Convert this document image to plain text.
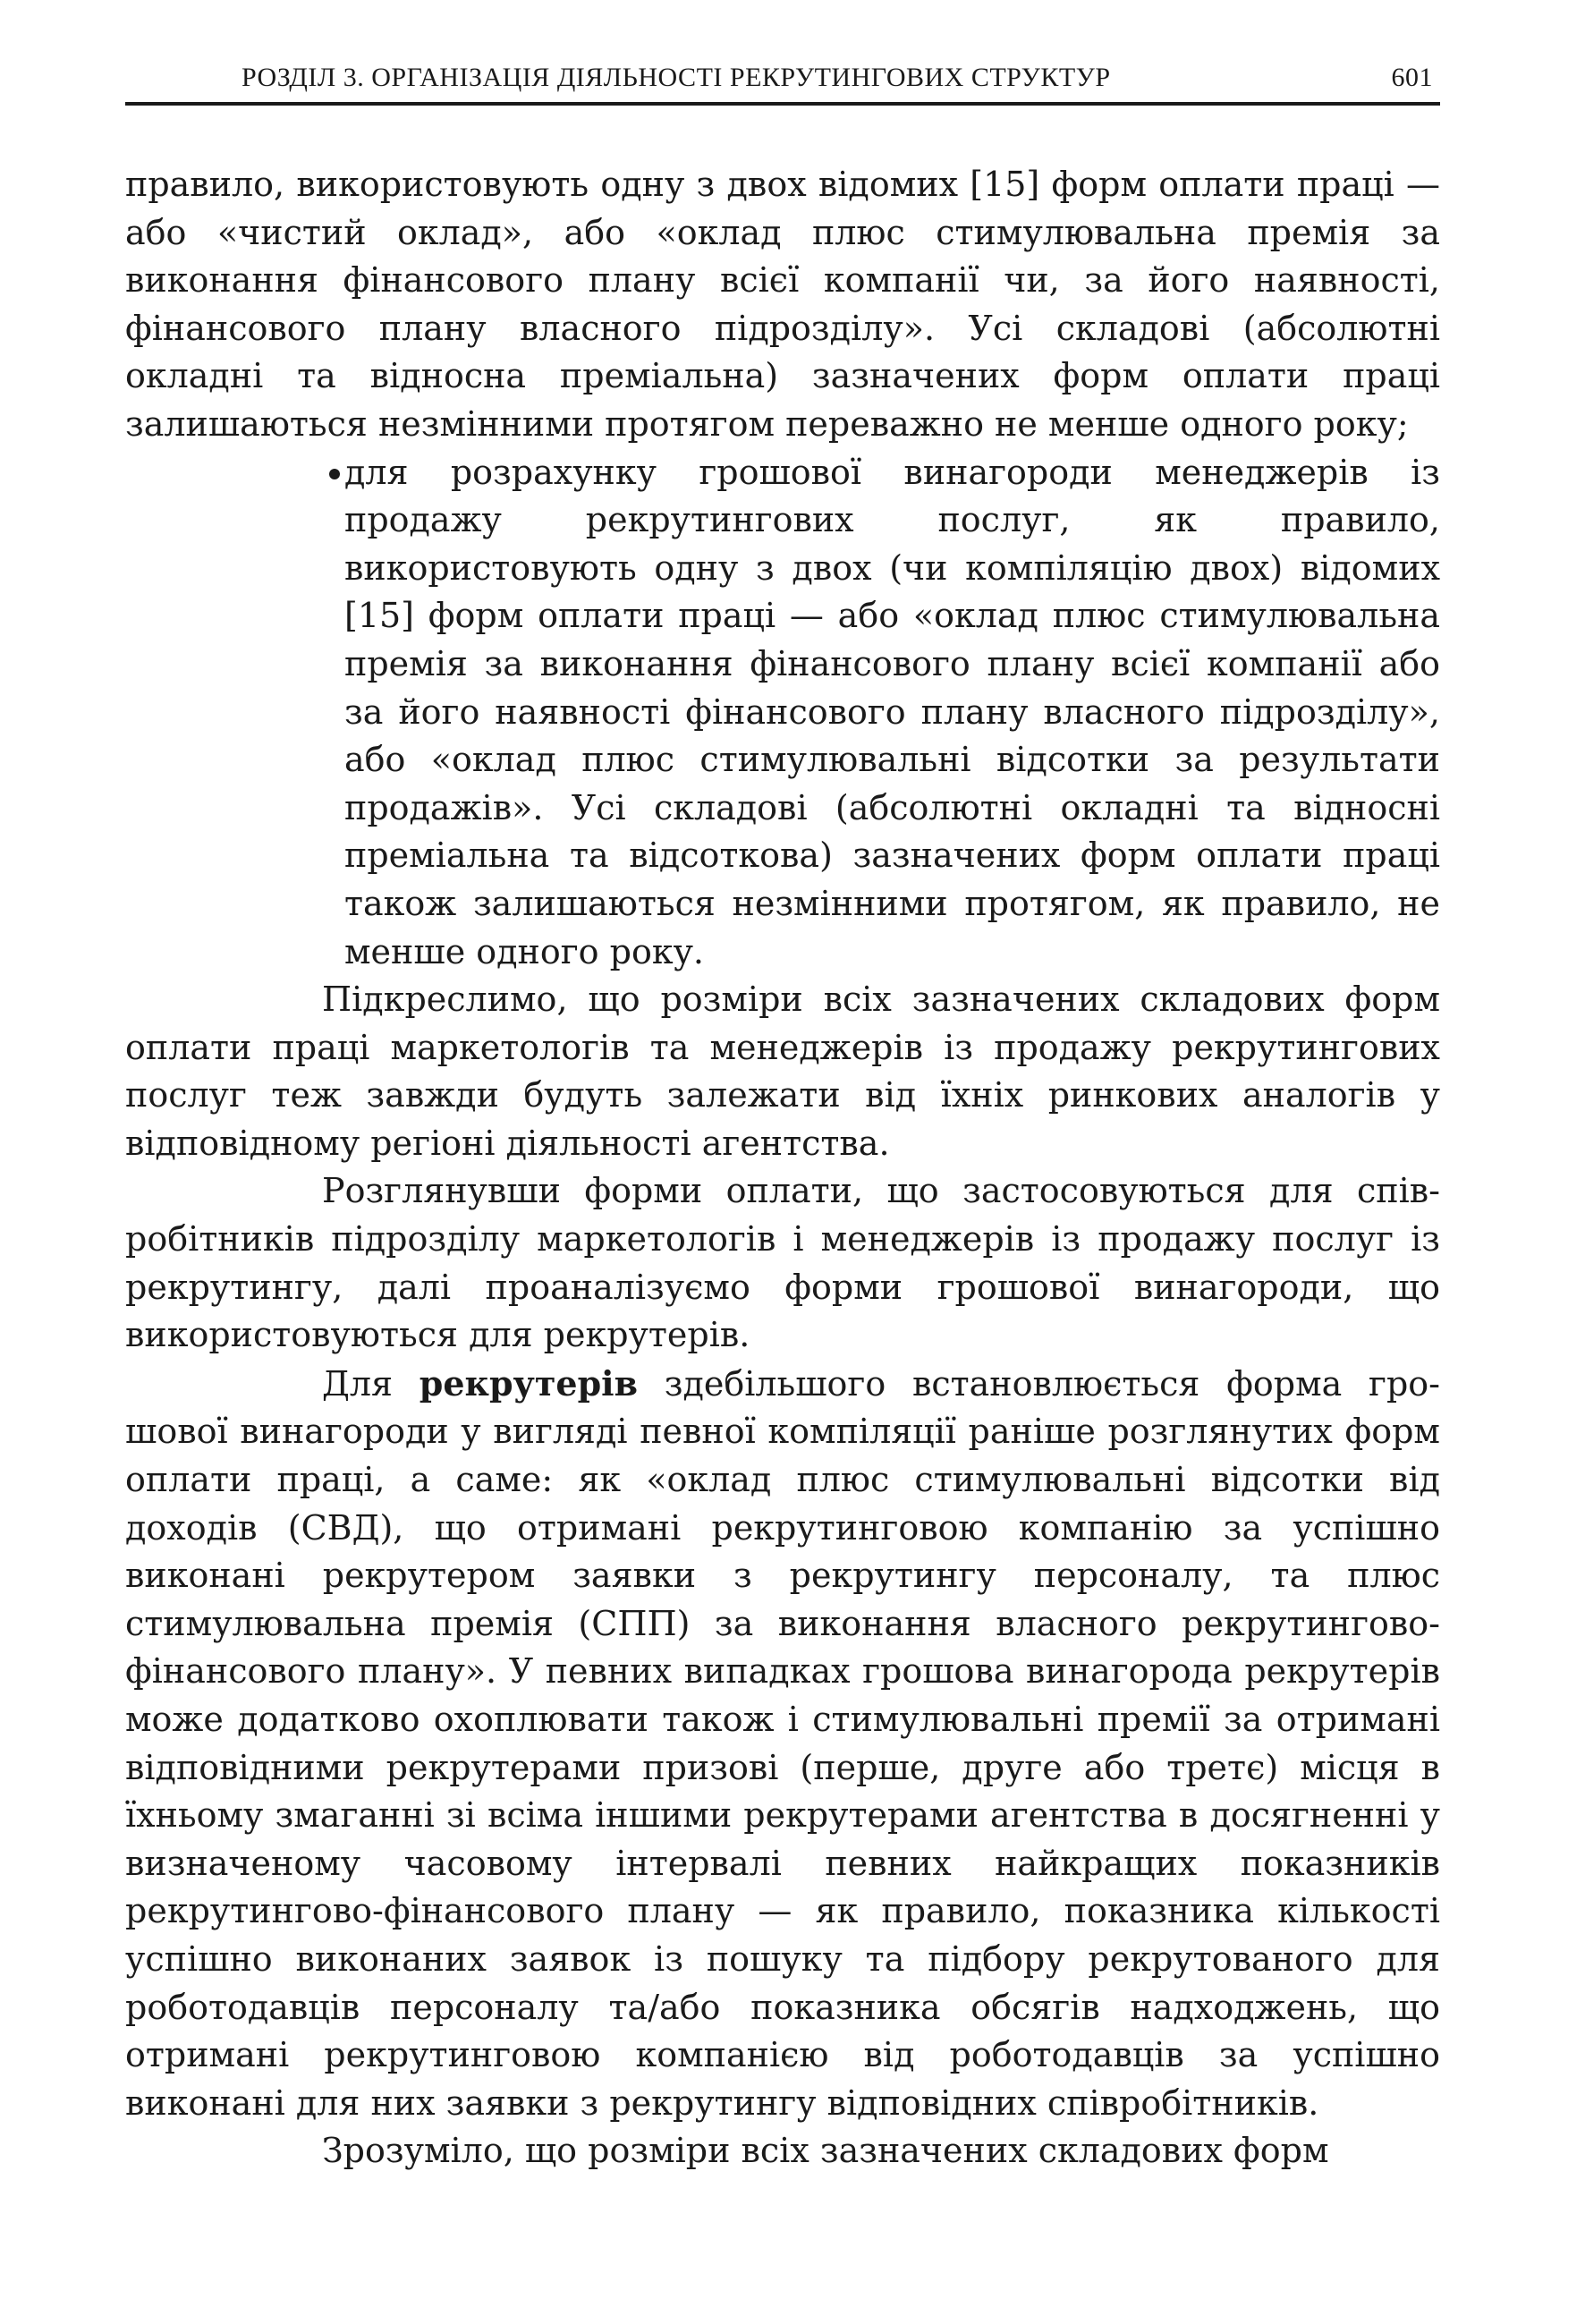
РОЗДІЛ 3. ОРГАНІЗАЦІЯ ДІЯЛЬНОСТІ РЕКРУТИНГОВИХ СТРУКТУР	601

правило, використовують одну з двох відомих [15] форм оплати праці — або «чистий оклад», або «оклад плюс стимулювальна премія за виконання фінансового плану всієї компанії чи, за його наявності, фінансового плану власного підрозділу». Усі складові (абсолютні окладні та відносна преміальна) зазначених форм оплати праці залишаються незмінними протягом переважно не менше одного року;

для розрахунку грошової винагороди менеджерів із продажу рекрутингових послуг, як правило, використовують одну з двох (чи компіляцію двох) відомих [15] форм оплати праці — або «оклад плюс стимулювальна премія за виконання фінансового плану всієї компанії або за його наявності фінансового плану власного підрозділу», або «оклад плюс стимулювальні відсотки за результати продажів». Усі складові (абсолютні окладні та відносні преміальна та відсоткова) зазначених форм оплати праці також залишаються незмінними протягом, як правило, не менше одного року.

Підкреслимо, що розміри всіх зазначених складових форм оплати праці маркетологів та менеджерів із продажу рекрутингових послуг теж завжди будуть залежати від їхніх ринкових аналогів у відповідному регіоні діяльності агентства.

Розглянувши форми оплати, що застосовуються для співробітників підрозділу маркетологів і менеджерів із продажу послуг із рекрутингу, далі проаналізуємо форми грошової винагороди, що використовуються для рекрутерів.

Для рекрутерів здебільшого встановлюється форма грошової винагороди у вигляді певної компіляції раніше розглянутих форм оплати праці, а саме: як «оклад плюс стимулювальні відсотки від доходів (СВД), що отримані рекрутинговою компанію за успішно виконані рекрутером заявки з рекрутингу персоналу, та плюс стимулювальна премія (СПП) за виконання власного рекрутингово-фінансового плану». У певних випадках грошова винагорода рекрутерів може додатково охоплювати також і стимулювальні премії за отримані відповідними рекрутерами призові (перше, друге або третє) місця в їхньому змаганні зі всіма іншими рекрутерами агентства в досягненні у визначеному часовому інтервалі певних найкращих показників рекрутингово-фінансового плану — як правило, показника кількості успішно виконаних заявок із пошуку та підбору рекрутованого для роботодавців персоналу та/або показника обсягів надходжень, що отримані рекрутинговою компанією від роботодавців за успішно виконані для них заявки з рекрутингу відповідних співробітників.

Зрозуміло, що розміри всіх зазначених складових форм
